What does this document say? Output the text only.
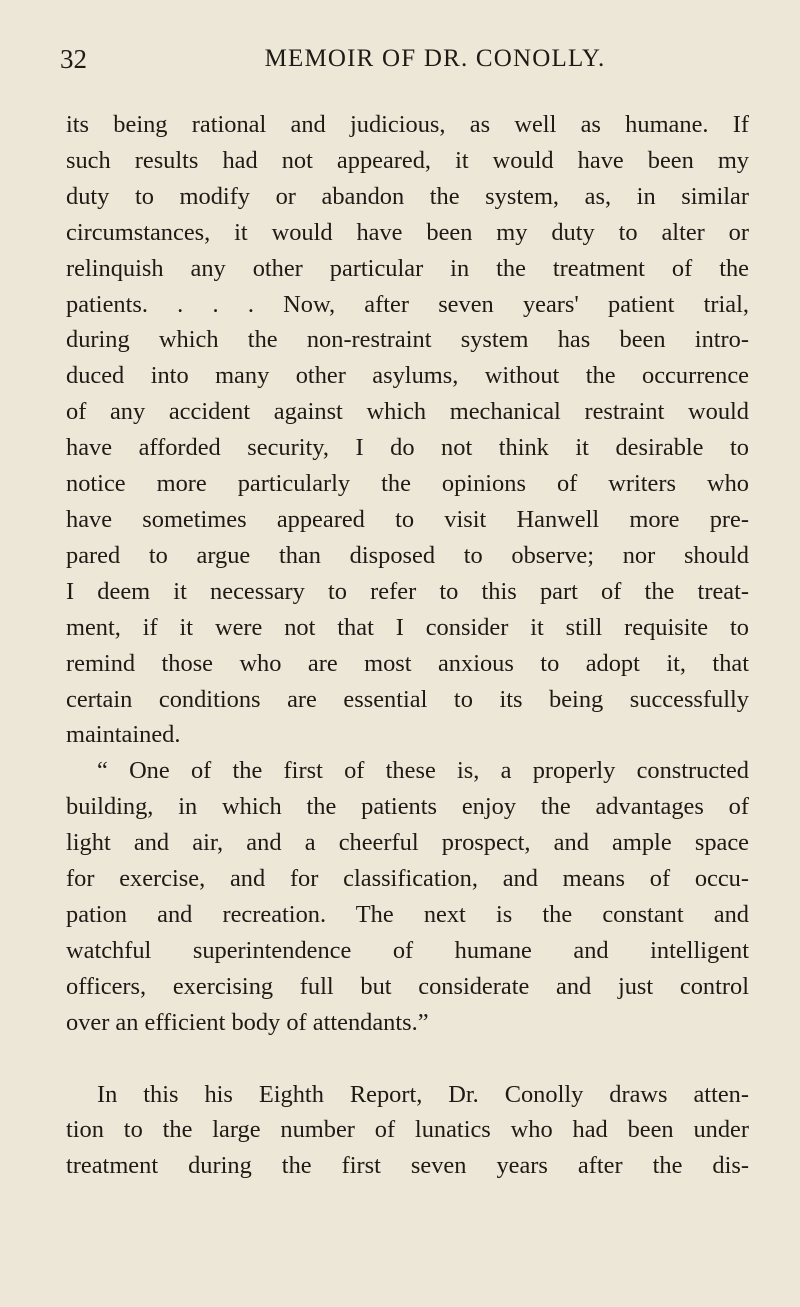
32	MEMOIR OF DR. CONOLLY.
its being rational and judicious, as well as humane. If
such results had not appeared, it would have been my
duty to modify or abandon the system, as, in similar
circumstances, it would have been my duty to alter or
relinquish any other particular in the treatment of the
patients. . . . Now, after seven years' patient trial,
during which the non-restraint system has been intro-
duced into many other asylums, without the occurrence
of any accident against which mechanical restraint would
have afforded security, I do not think it desirable to
notice more particularly the opinions of writers who
have sometimes appeared to visit Hanwell more pre-
pared to argue than disposed to observe; nor should
I deem it necessary to refer to this part of the treat-
ment, if it were not that I consider it still requisite to
remind those who are most anxious to adopt it, that
certain conditions are essential to its being successfully
maintained.
“ One of the first of these is, a properly constructed
building, in which the patients enjoy the advantages of
light and air, and a cheerful prospect, and ample space
for exercise, and for classification, and means of occu-
pation and recreation. The next is the constant and
watchful superintendence of humane and intelligent
officers, exercising full but considerate and just control
over an efficient body of attendants.”
In this his Eighth Report, Dr. Conolly draws atten-
tion to the large number of lunatics who had been under
treatment during the first seven years after the dis-
